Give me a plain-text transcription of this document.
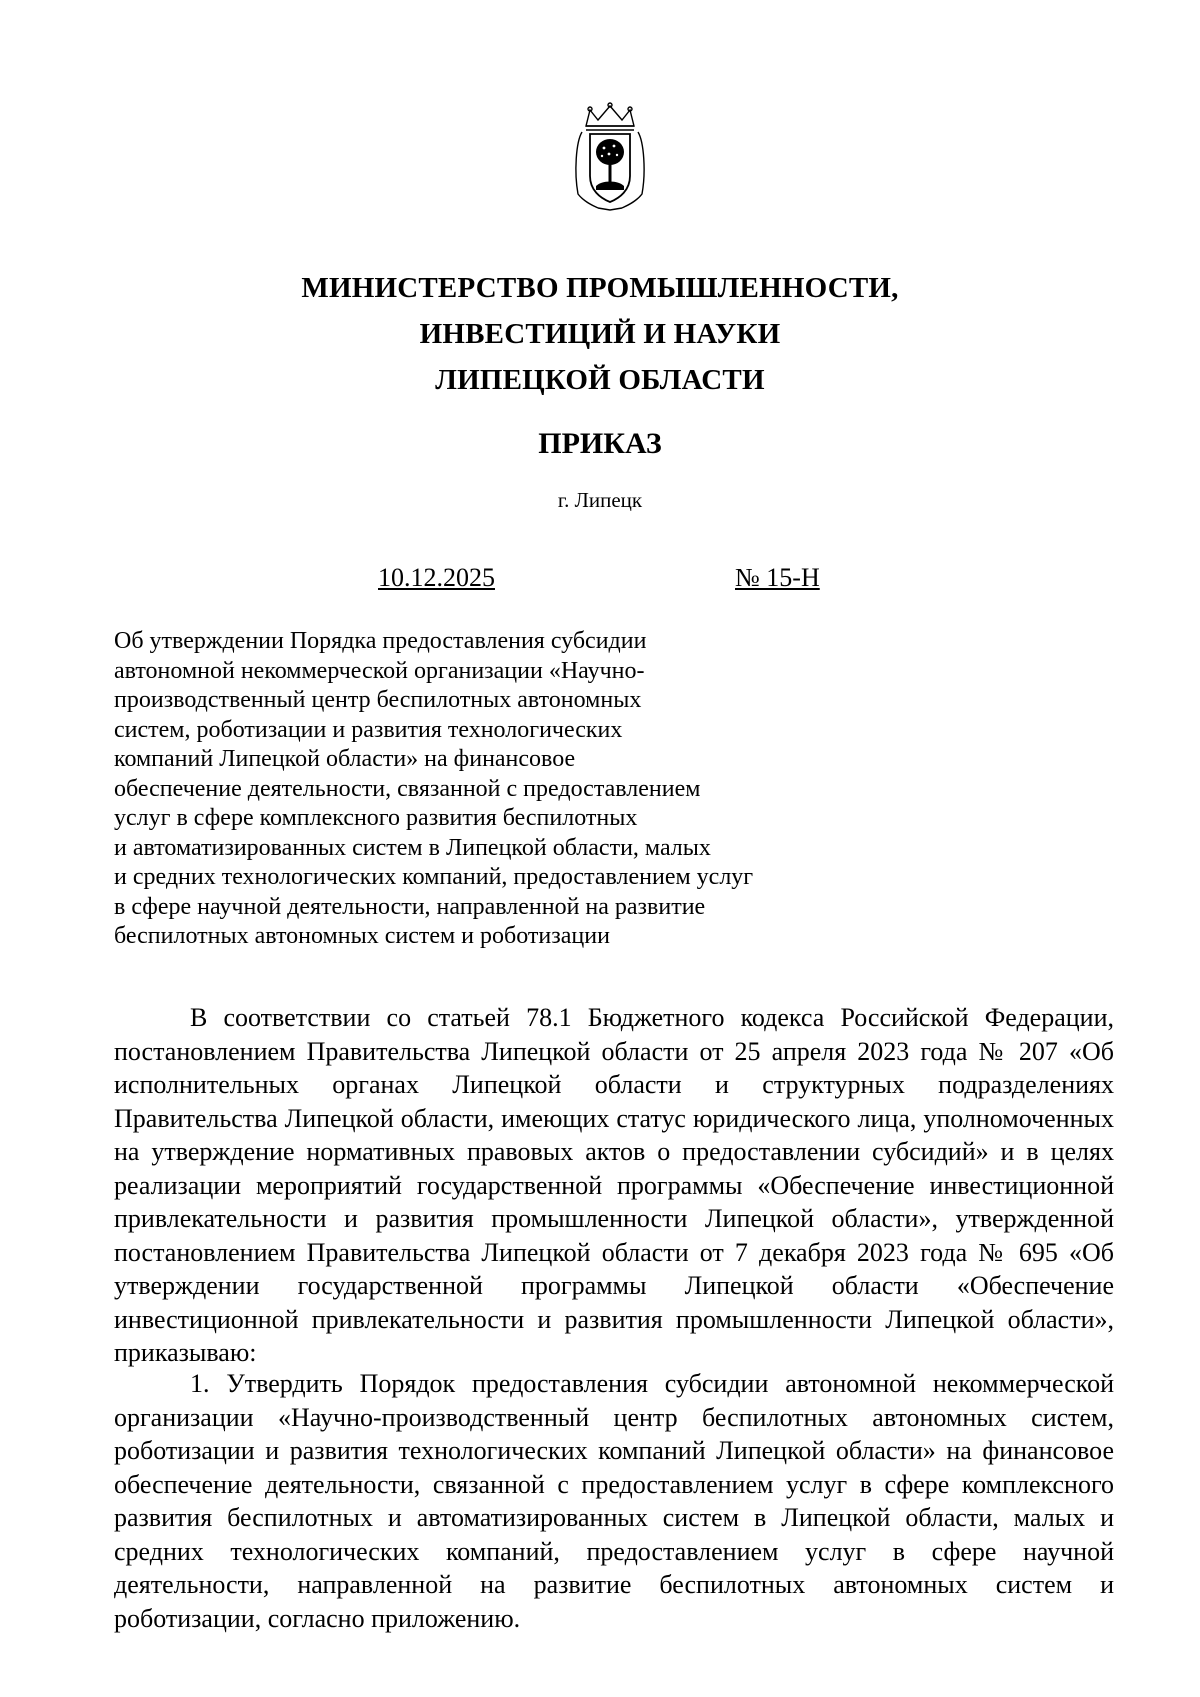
МИНИСТЕРСТВО ПРОМЫШЛЕННОСТИ,
ИНВЕСТИЦИЙ И НАУКИ
ЛИПЕЦКОЙ ОБЛАСТИ
ПРИКАЗ
г. Липецк
10.12.2025	№ 15-Н
Об утверждении Порядка предоставления субсидии
автономной некоммерческой организации «Научно-
производственный центр беспилотных автономных
систем, роботизации и развития технологических
компаний Липецкой области» на финансовое
обеспечение деятельности, связанной с предоставлением
услуг в сфере комплексного развития беспилотных
и автоматизированных систем в Липецкой области, малых
и средних технологических компаний, предоставлением услуг
в сфере научной деятельности, направленной на развитие
беспилотных автономных систем и роботизации
В соответствии со статьей 78.1 Бюджетного кодекса Российской Федерации, постановлением Правительства Липецкой области от 25 апреля 2023 года № 207 «Об исполнительных органах Липецкой области и структурных подразделениях Правительства Липецкой области, имеющих статус юридического лица, уполномоченных на утверждение нормативных правовых актов о предоставлении субсидий» и в целях реализации мероприятий государственной программы «Обеспечение инвестиционной привлекательности и развития промышленности Липецкой области», утвержденной постановлением Правительства Липецкой области от 7 декабря 2023 года № 695 «Об утверждении государственной программы Липецкой области «Обеспечение инвестиционной привлекательности и развития промышленности Липецкой области», приказываю:
1. Утвердить Порядок предоставления субсидии автономной некоммерческой организации «Научно-производственный центр беспилотных автономных систем, роботизации и развития технологических компаний Липецкой области» на финансовое обеспечение деятельности, связанной с предоставлением услуг в сфере комплексного развития беспилотных и автоматизированных систем в Липецкой области, малых и средних технологических компаний, предоставлением услуг в сфере научной деятельности, направленной на развитие беспилотных автономных систем и роботизации, согласно приложению.
